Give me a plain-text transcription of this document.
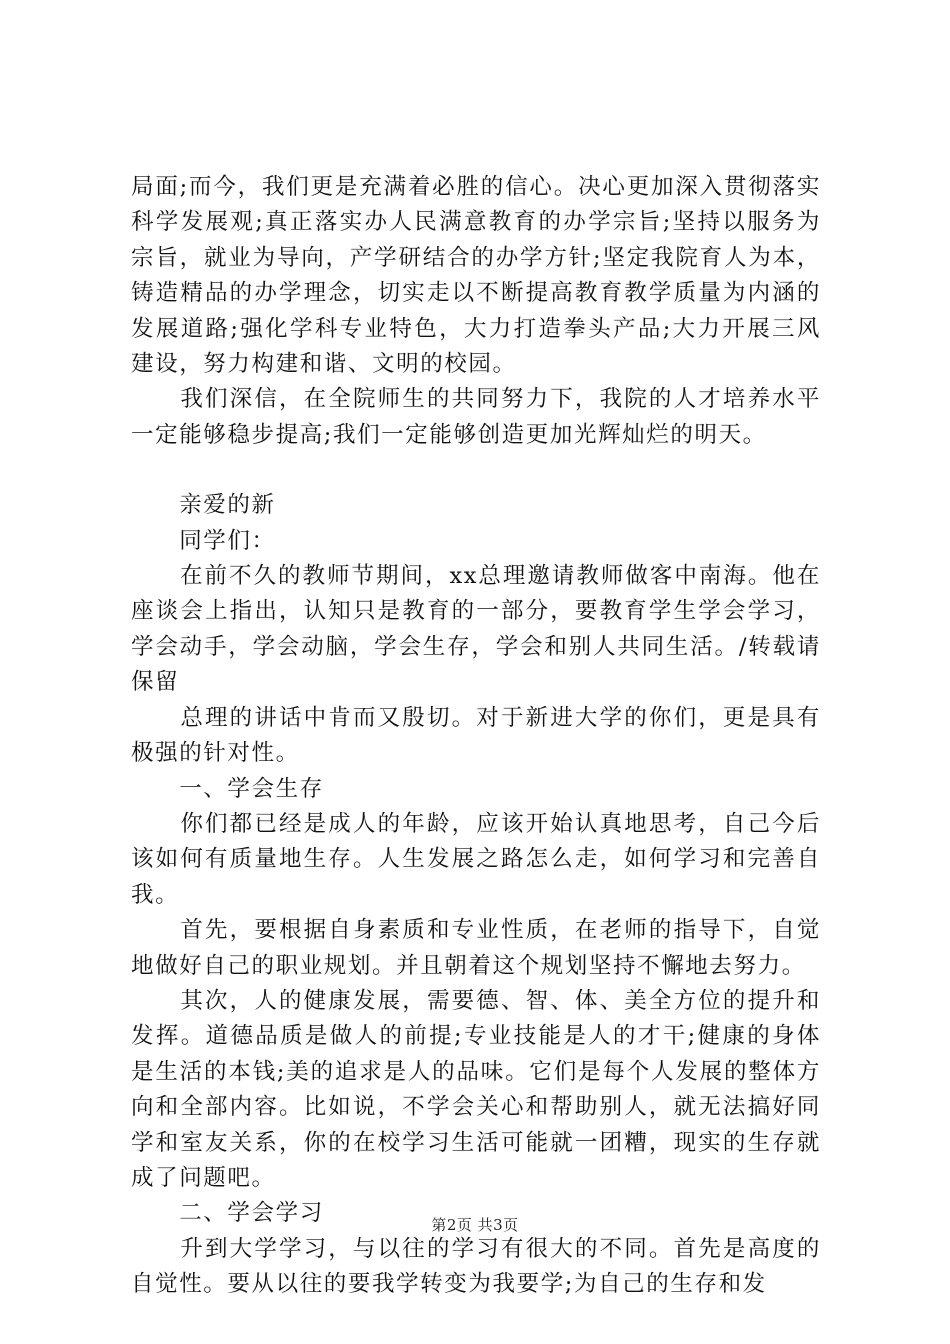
局面;而今，我们更是充满着必胜的信心。决心更加深入贯彻落实科学发展观;真正落实办人民满意教育的办学宗旨;坚持以服务为宗旨，就业为导向，产学研结合的办学方针;坚定我院育人为本，铸造精品的办学理念，切实走以不断提高教育教学质量为内涵的发展道路;强化学科专业特色，大力打造拳头产品;大力开展三风建设，努力构建和谐、文明的校园。

　　我们深信，在全院师生的共同努力下，我院的人才培养水平一定能够稳步提高;我们一定能够创造更加光辉灿烂的明天。

　　亲爱的新

　　同学们：

　　在前不久的教师节期间，xx总理邀请教师做客中南海。他在座谈会上指出，认知只是教育的一部分，要教育学生学会学习，学会动手，学会动脑，学会生存，学会和别人共同生活。/转载请保留

　　总理的讲话中肯而又殷切。对于新进大学的你们，更是具有极强的针对性。

　　一、学会生存

　　你们都已经是成人的年龄，应该开始认真地思考，自己今后该如何有质量地生存。人生发展之路怎么走，如何学习和完善自我。

　　首先，要根据自身素质和专业性质，在老师的指导下，自觉地做好自己的职业规划。并且朝着这个规划坚持不懈地去努力。

　　其次，人的健康发展，需要德、智、体、美全方位的提升和发挥。道德品质是做人的前提;专业技能是人的才干;健康的身体是生活的本钱;美的追求是人的品味。它们是每个人发展的整体方向和全部内容。比如说，不学会关心和帮助别人，就无法搞好同学和室友关系，你的在校学习生活可能就一团糟，现实的生存就成了问题吧。

　　二、学会学习

　　升到大学学习，与以往的学习有很大的不同。首先是高度的自觉性。要从以往的要我学转变为我要学;为自己的生存和发

第2页 共3页
